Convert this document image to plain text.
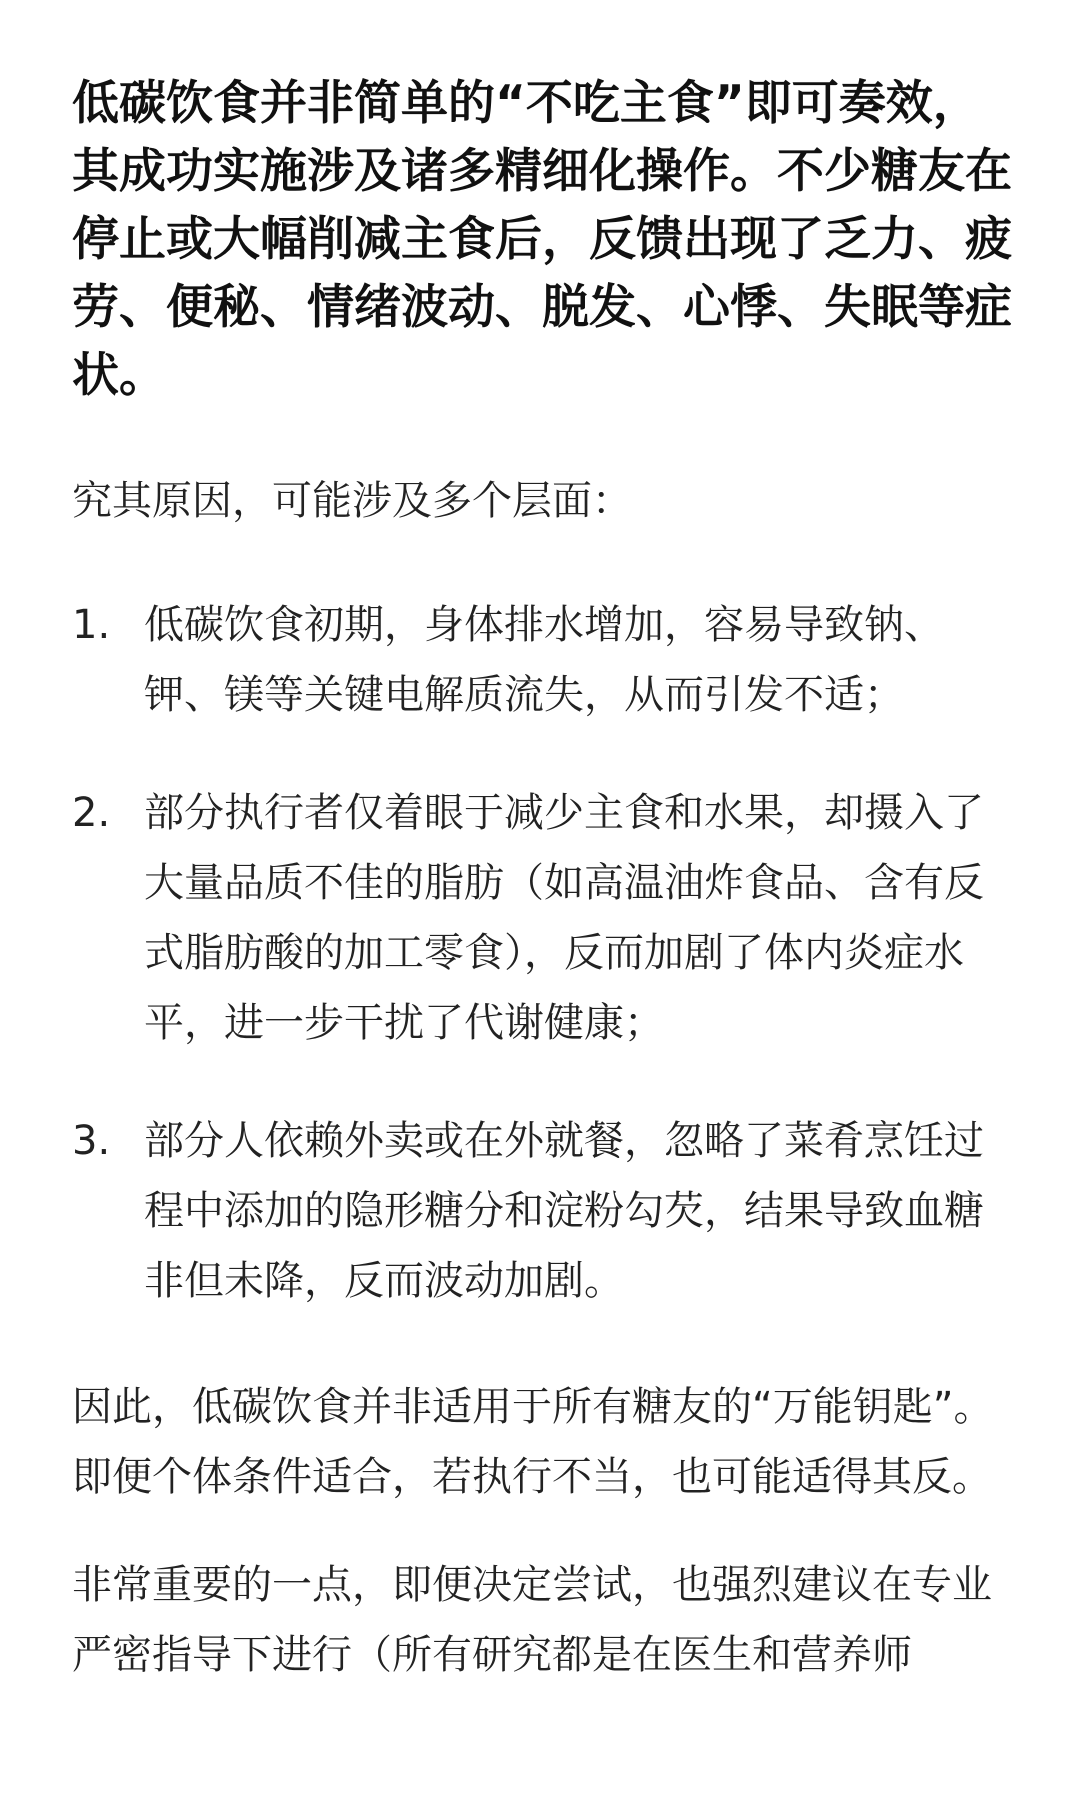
低碳饮食并非简单的“不吃主食”即可奏效，其成功实施涉及诸多精细化操作。不少糖友在停止或大幅削减主食后，反馈出现了乏力、疲劳、便秘、情绪波动、脱发、心悸、失眠等症状。

究其原因，可能涉及多个层面：

1. 低碳饮食初期，身体排水增加，容易导致钠、钾、镁等关键电解质流失，从而引发不适；
2. 部分执行者仅着眼于减少主食和水果，却摄入了大量品质不佳的脂肪（如高温油炸食品、含有反式脂肪酸的加工零食），反而加剧了体内炎症水平，进一步干扰了代谢健康；
3. 部分人依赖外卖或在外就餐，忽略了菜肴烹饪过程中添加的隐形糖分和淀粉勾芡，结果导致血糖非但未降，反而波动加剧。

因此，低碳饮食并非适用于所有糖友的“万能钥匙”。即便个体条件适合，若执行不当，也可能适得其反。

非常重要的一点，即便决定尝试，也强烈建议在专业严密指导下进行（所有研究都是在医生和营养师
